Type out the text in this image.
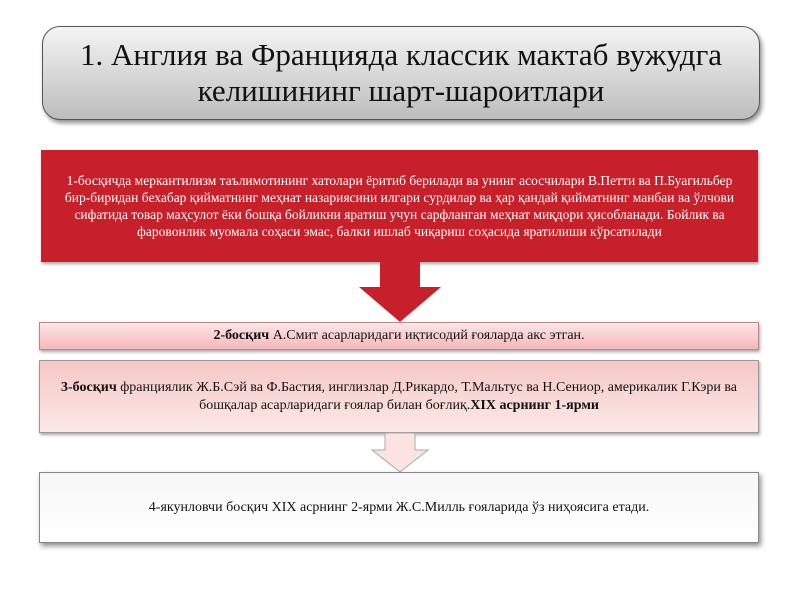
1. Англия ва Францияда классик мактаб вужудга келишининг шарт-шароитлари
1-босқичда меркантилизм таълимотининг хатолари ёритиб берилади ва унинг асосчилари В.Петти ва П.Буагильбер бир-биридан бехабар қийматнинг меҳнат назариясини илгари сурдилар ва ҳар қандай қийматнинг манбаи ва ўлчови сифатида товар маҳсулот ёки бошқа бойликни яратиш учун сарфланган меҳнат миқдори ҳисобланади. Бойлик ва фаровонлик муомала соҳаси эмас, балки ишлаб чиқариш соҳасида яратилиши кўрсатилади
2-босқич А.Смит асарларидаги иқтисодий ғояларда акс этган.
3-босқич франциялик Ж.Б.Сэй ва Ф.Бастия, инглизлар Д.Рикардо, Т.Мальтус ва Н.Сениор, америкалик Г.Кэри ва бошқалар асарларидаги ғоялар билан боғлиқ.XIX асрнинг 1-ярми
4-якунловчи босқич XIX асрнинг 2-ярми Ж.С.Милль ғояларида ўз ниҳоясига етади.
